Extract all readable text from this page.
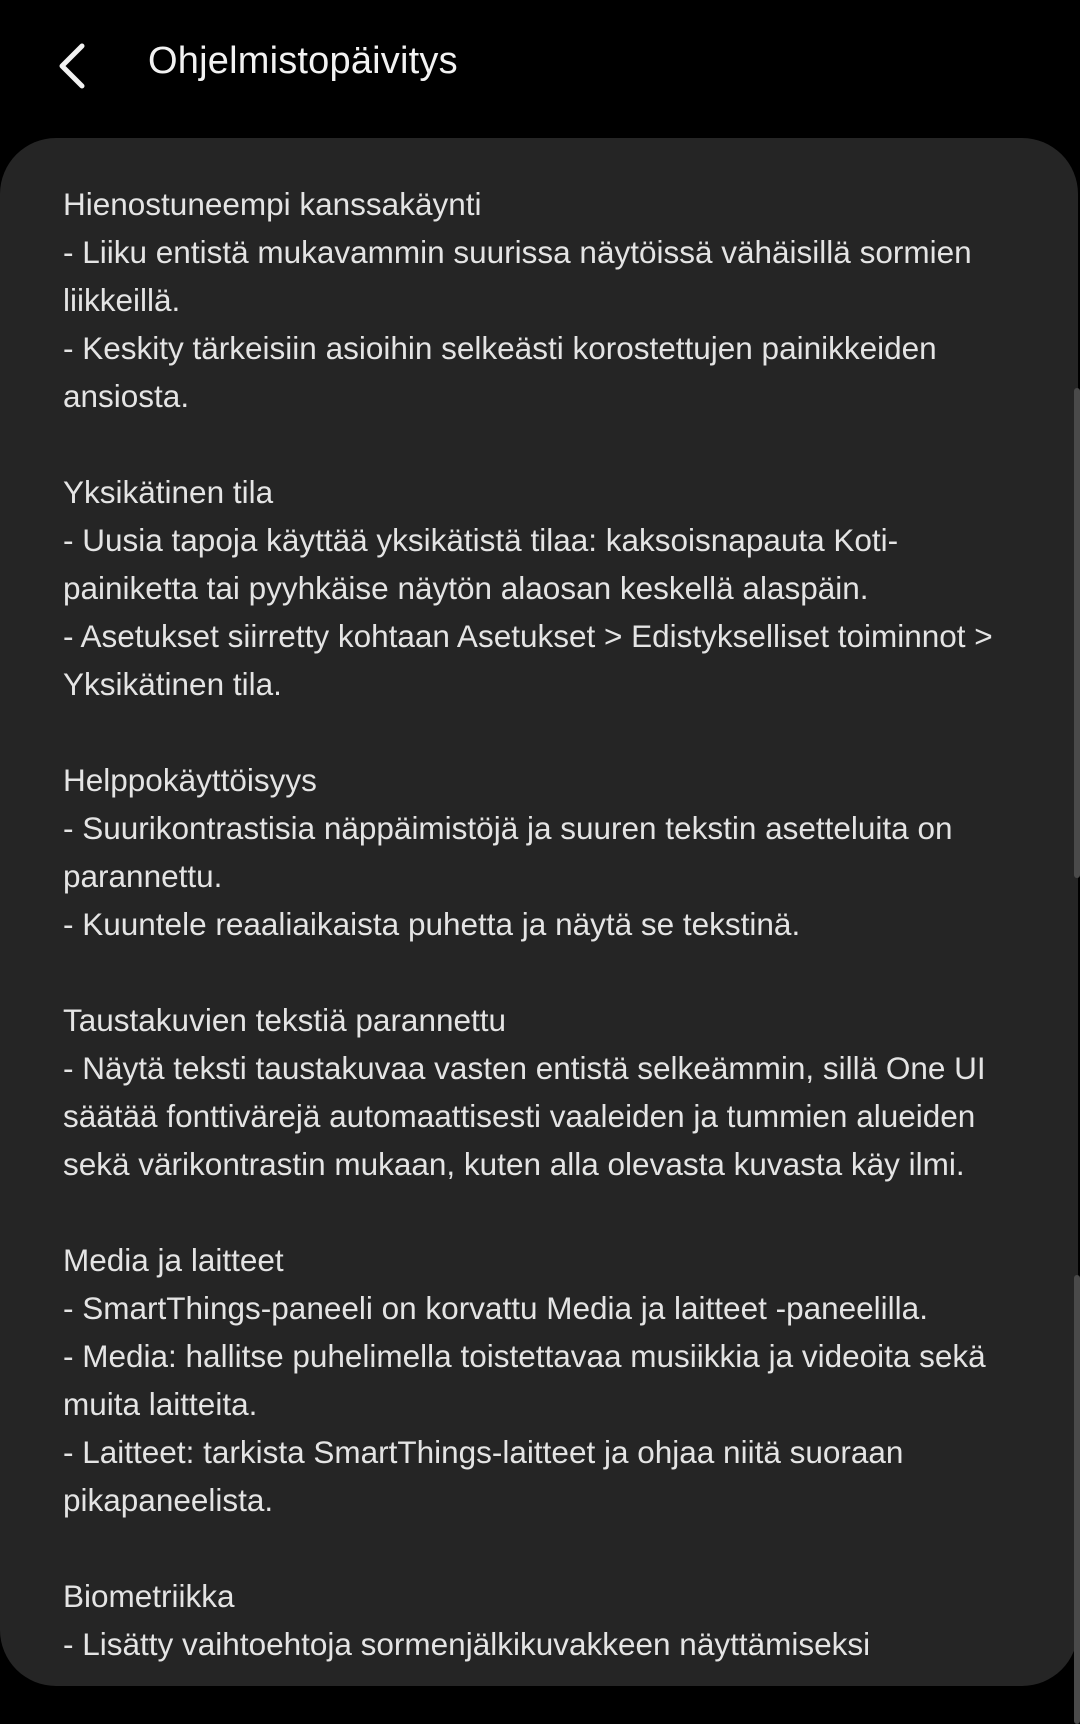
Ohjelmistopäivitys

Hienostuneempi kanssakäynti

- Liiku entistä mukavammin suurissa näytöissä vähäisillä sormien liikkeillä.

- Keskity tärkeisiin asioihin selkeästi korostettujen painikkeiden ansiosta.

Yksikätinen tila

- Uusia tapoja käyttää yksikätistä tilaa: kaksoisnapauta Koti-painiketta tai pyyhkäise näytön alaosan keskellä alaspäin.

- Asetukset siirretty kohtaan Asetukset > Edistykselliset toiminnot > Yksikätinen tila.

Helppokäyttöisyys

- Suurikontrastisia näppäimistöjä ja suuren tekstin asetteluita on parannettu.

- Kuuntele reaaliaikaista puhetta ja näytä se tekstinä.

Taustakuvien tekstiä parannettu

- Näytä teksti taustakuvaa vasten entistä selkeämmin, sillä One UI säätää fonttivärejä automaattisesti vaaleiden ja tummien alueiden sekä värikontrastin mukaan, kuten alla olevasta kuvasta käy ilmi.

Media ja laitteet

- SmartThings-paneeli on korvattu Media ja laitteet -paneelilla.

- Media: hallitse puhelimella toistettavaa musiikkia ja videoita sekä muita laitteita.

- Laitteet: tarkista SmartThings-laitteet ja ohjaa niitä suoraan pikapaneelista.

Biometriikka

- Lisätty vaihtoehtoja sormenjälkikuvakkeen näyttämiseksi
